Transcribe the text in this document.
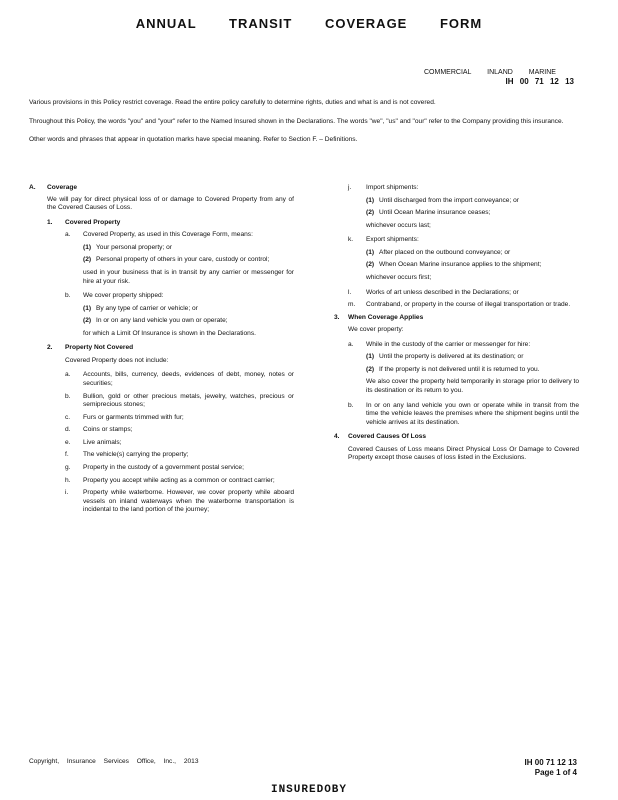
ANNUAL TRANSIT COVERAGE FORM
COMMERCIAL INLAND MARINE
IH 00 71 12 13

Various provisions in this Policy restrict coverage. Read the entire policy carefully to determine rights, duties and what is and is not covered.

Throughout this Policy, the words "you" and "your" refer to the Named Insured shown in the Declarations. The words "we", "us" and "our" refer to the Company providing this insurance.

Other words and phrases that appear in quotation marks have special meaning. Refer to Section F. – Definitions.

A.	Coverage
We will pay for direct physical loss of or damage to Covered Property from any of the Covered Causes of Loss.
1.	Covered Property
a.	Covered Property, as used in this Coverage Form, means:
(1) Your personal property; or
(2) Personal property of others in your care, custody or control;
used in your business that is in transit by any carrier or messenger for hire at your risk.
b.	We cover property shipped:
(1) By any type of carrier or vehicle; or
(2) In or on any land vehicle you own or operate;
for which a Limit Of Insurance is shown in the Declarations.
2.	Property Not Covered
Covered Property does not include:
a.	Accounts, bills, currency, deeds, evidences of debt, money, notes or securities;
b.	Bullion, gold or other precious metals, jewelry, watches, precious or semiprecious stones;
c.	Furs or garments trimmed with fur;
d.	Coins or stamps;
e.	Live animals;
f.	The vehicle(s) carrying the property;
g.	Property in the custody of a government postal service;
h.	Property you accept while acting as a common or contract carrier;
i.	Property while waterborne. However, we cover property while aboard vessels on inland waterways when the waterborne transportation is incidental to the land portion of the journey;
j.	Import shipments:
(1) Until discharged from the import conveyance; or
(2) Until Ocean Marine insurance ceases;
whichever occurs last;
k.	Export shipments:
(1) After placed on the outbound conveyance; or
(2) When Ocean Marine insurance applies to the shipment;
whichever occurs first;
l.	Works of art unless described in the Declarations; or
m.	Contraband, or property in the course of illegal transportation or trade.
3.	When Coverage Applies
We cover property:
a.	While in the custody of the carrier or messenger for hire:
(1) Until the property is delivered at its destination; or
(2) If the property is not delivered until it is returned to you.
We also cover the property held temporarily in storage prior to delivery to its destination or its return to you.
b.	In or on any land vehicle you own or operate while in transit from the time the vehicle leaves the premises where the shipment begins until the vehicle arrives at its destination.
4.	Covered Causes Of Loss
Covered Causes of Loss means Direct Physical Loss Or Damage to Covered Property except those causes of loss listed in the Exclusions.
Copyright, Insurance Services Office, Inc., 2013	IH 00 71 12 13
Page 1 of 4
INSUREDOBY
